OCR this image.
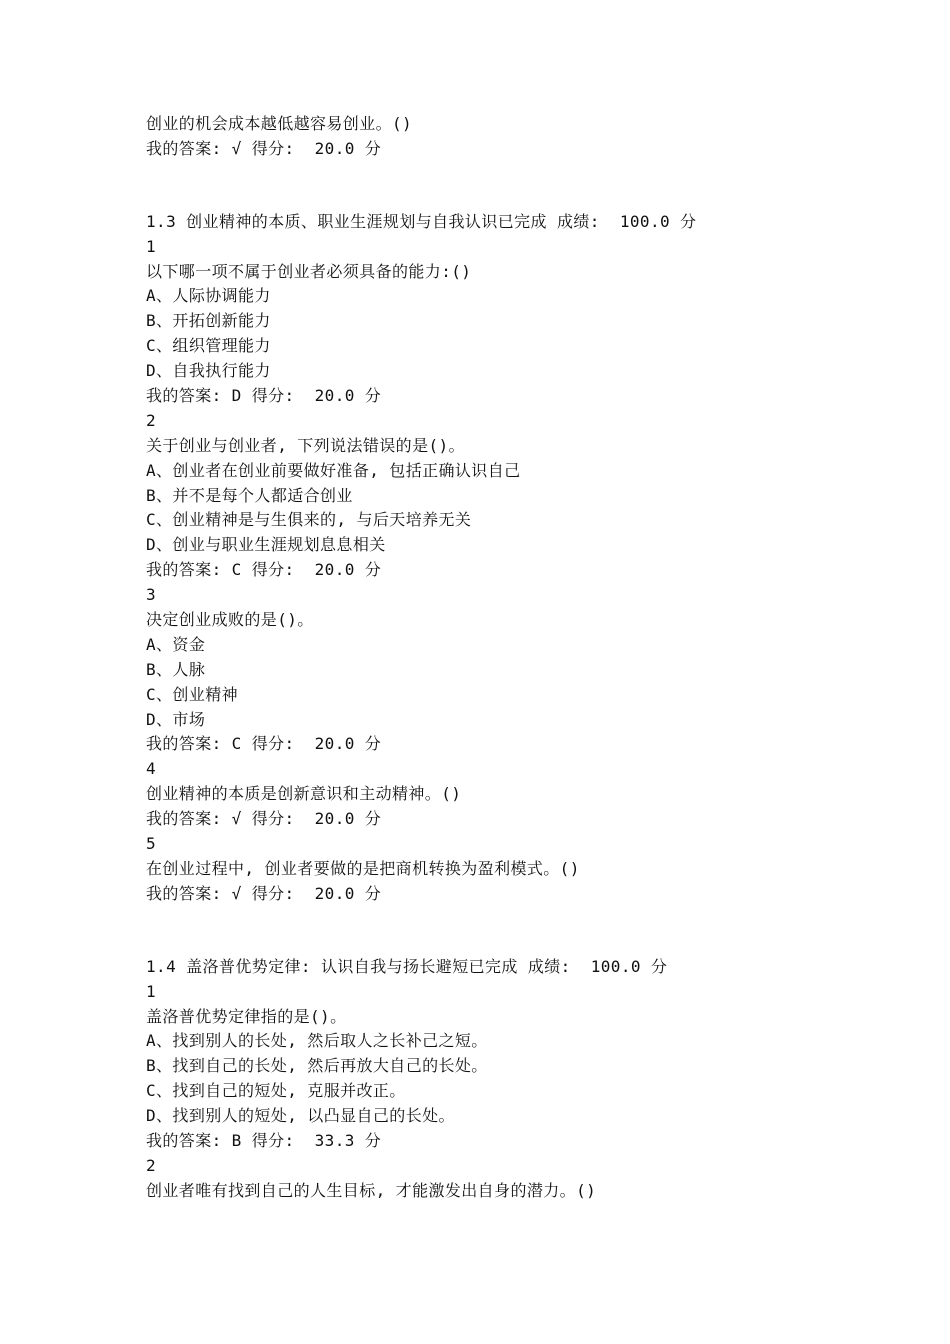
创业的机会成本越低越容易创业。()
我的答案: √ 得分:  20.0 分
1.3 创业精神的本质、职业生涯规划与自我认识已完成 成绩:  100.0 分
1
以下哪一项不属于创业者必须具备的能力:()
A、人际协调能力
B、开拓创新能力
C、组织管理能力
D、自我执行能力
我的答案: D 得分:  20.0 分
2
关于创业与创业者, 下列说法错误的是()。
A、创业者在创业前要做好准备, 包括正确认识自己
B、并不是每个人都适合创业
C、创业精神是与生俱来的, 与后天培养无关
D、创业与职业生涯规划息息相关
我的答案: C 得分:  20.0 分
3
决定创业成败的是()。
A、资金
B、人脉
C、创业精神
D、市场
我的答案: C 得分:  20.0 分
4
创业精神的本质是创新意识和主动精神。()
我的答案: √ 得分:  20.0 分
5
在创业过程中, 创业者要做的是把商机转换为盈利模式。()
我的答案: √ 得分:  20.0 分
1.4 盖洛普优势定律: 认识自我与扬长避短已完成 成绩:  100.0 分
1
盖洛普优势定律指的是()。
A、找到别人的长处, 然后取人之长补己之短。
B、找到自己的长处, 然后再放大自己的长处。
C、找到自己的短处, 克服并改正。
D、找到别人的短处, 以凸显自己的长处。
我的答案: B 得分:  33.3 分
2
创业者唯有找到自己的人生目标, 才能激发出自身的潜力。()
